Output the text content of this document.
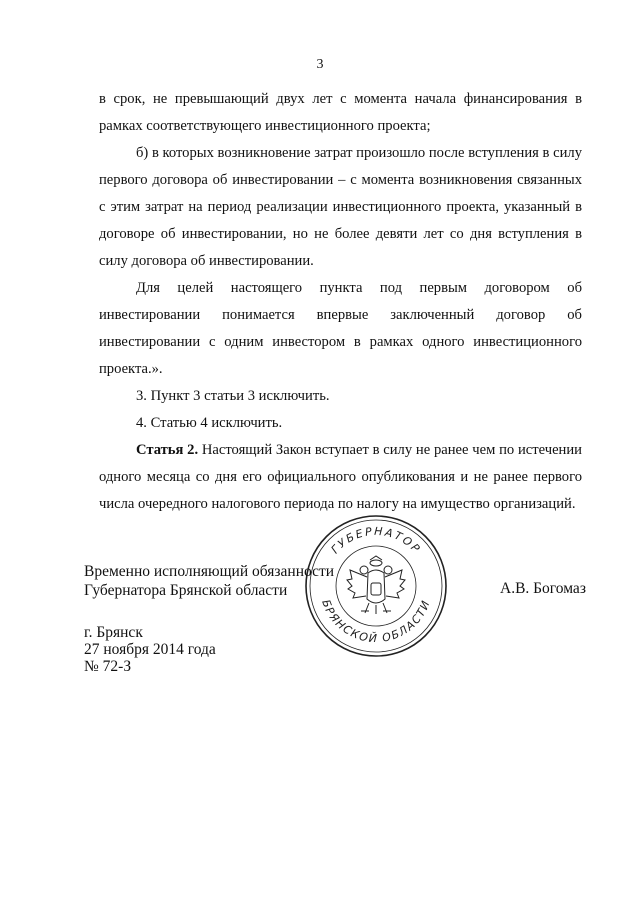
3

в срок, не превышающий двух лет с момента начала финансирования в рамках соответствующего инвестиционного проекта;

б) в которых возникновение затрат произошло после вступления в силу первого договора об инвестировании – с момента возникновения связанных с этим затрат на период реализации инвестиционного проекта, указанный в договоре об инвестировании, но не более девяти лет со дня вступления в силу договора об инвестировании.

Для целей настоящего пункта под первым договором об инвестировании понимается впервые заключенный договор об инвестировании с одним инвестором в рамках одного инвестиционного проекта.».

3. Пункт 3 статьи 3 исключить.

4. Статью 4 исключить.

Статья 2. Настоящий Закон вступает в силу не ранее чем по истечении одного месяца со дня его официального опубликования и не ранее первого числа очередного налогового периода по налогу на имущество организаций.

ГУБЕРНАТОР
БРЯНСКОЙ ОБЛАСТИ
Временно исполняющий обязанности
Губернатора Брянской области	А.В. Богомаз
г. Брянск
27 ноября 2014 года
№ 72-З
